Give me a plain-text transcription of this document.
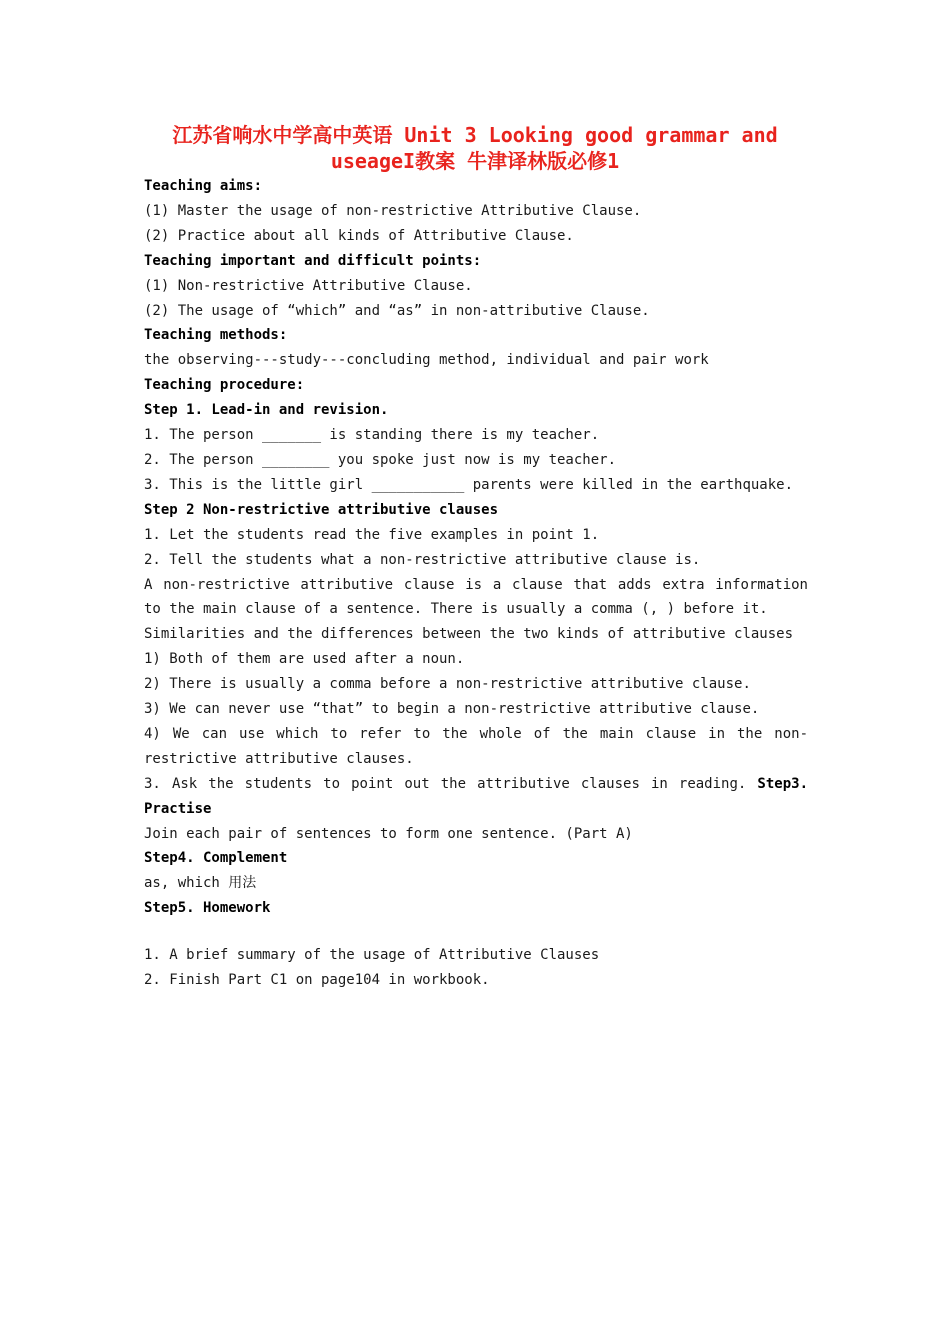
江苏省响水中学高中英语 Unit 3 Looking good grammar and
useageI教案 牛津译林版必修1

Teaching aims:

(1) Master the usage of non-restrictive Attributive Clause.

(2) Practice about all kinds of Attributive Clause.

Teaching important and difficult points:

(1) Non-restrictive Attributive Clause.

(2) The usage of “which” and “as” in non-attributive Clause.

Teaching methods:

the observing---study---concluding method, individual and pair work

Teaching procedure:

Step 1. Lead-in and revision.

1. The person _______ is standing there is my teacher.

2. The person ________ you spoke just now is my teacher.

3. This is the little girl ___________ parents were killed in the earthquake.

Step 2 Non-restrictive attributive clauses

1. Let the students read the five examples in point 1.

2. Tell the students what a non-restrictive attributive clause is.

A non-restrictive attributive clause is a clause that adds extra information to the main clause of a sentence. There is usually a comma (, ) before it.

Similarities and the differences between the two kinds of attributive clauses

1) Both of them are used after a noun.

2) There is usually a comma before a non-restrictive attributive clause.

3) We can never use “that” to begin a non-restrictive attributive clause.

4) We can use which to refer to the whole of the main clause in the non-restrictive attributive clauses.

3. Ask the students to point out the attributive clauses in reading. Step3. Practise

Join each pair of sentences to form one sentence. (Part A)

Step4. Complement

as, which 用法

Step5. Homework

1. A brief summary of the usage of Attributive Clauses

2. Finish Part C1 on page104 in workbook.
